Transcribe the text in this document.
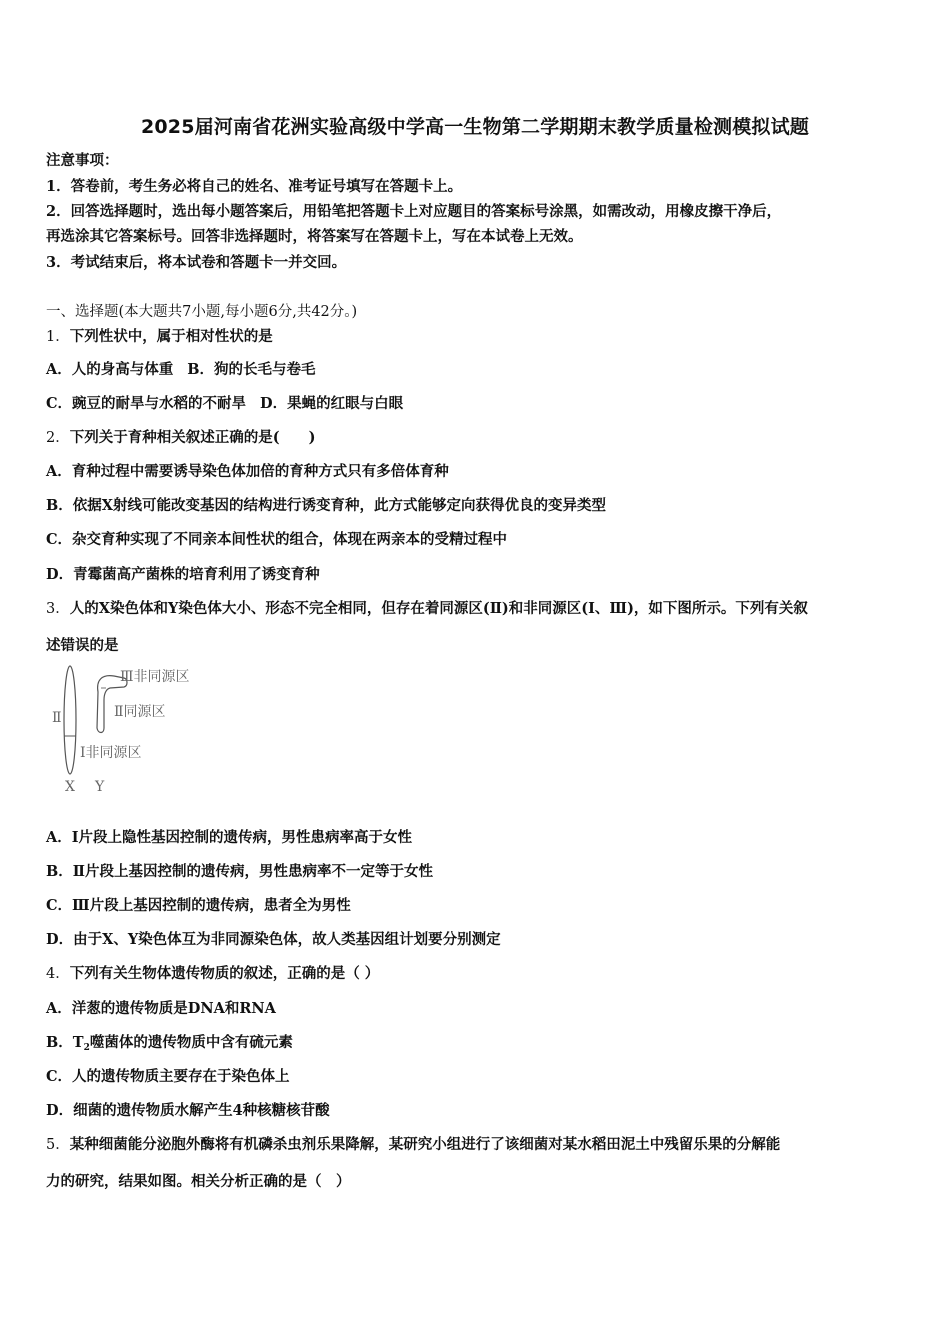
2025届河南省花洲实验高级中学高一生物第二学期期末教学质量检测模拟试题
注意事项：
1．答卷前，考生务必将自己的姓名、准考证号填写在答题卡上。
2．回答选择题时，选出每小题答案后，用铅笔把答题卡上对应题目的答案标号涂黑，如需改动，用橡皮擦干净后，
再选涂其它答案标号。回答非选择题时，将答案写在答题卡上，写在本试卷上无效。
3．考试结束后，将本试卷和答题卡一并交回。
一、选择题(本大题共7小题,每小题6分,共42分。)
1．下列性状中，属于相对性状的是
A．人的身高与体重 B．狗的长毛与卷毛
C．豌豆的耐旱与水稻的不耐旱 D．果蝇的红眼与白眼
2．下列关于育种相关叙述正确的是(　　)
A．育种过程中需要诱导染色体加倍的育种方式只有多倍体育种
B．依据X射线可能改变基因的结构进行诱变育种，此方式能够定向获得优良的变异类型
C．杂交育种实现了不同亲本间性状的组合，体现在两亲本的受精过程中
D．青霉菌高产菌株的培育利用了诱变育种
3．人的X染色体和Y染色体大小、形态不完全相同，但存在着同源区(Ⅱ)和非同源区(Ⅰ、Ⅲ)，如下图所示。下列有关叙
述错误的是
Ⅲ非同源区
Ⅱ同源区
Ⅰ非同源区
Ⅱ
X Y
A．Ⅰ片段上隐性基因控制的遗传病，男性患病率高于女性
B．Ⅱ片段上基因控制的遗传病，男性患病率不一定等于女性
C．Ⅲ片段上基因控制的遗传病，患者全为男性
D．由于X、Y染色体互为非同源染色体，故人类基因组计划要分别测定
4．下列有关生物体遗传物质的叙述，正确的是（ ）
A．洋葱的遗传物质是DNA和RNA
B．$T_2$噬菌体的遗传物质中含有硫元素
C．人的遗传物质主要存在于染色体上
D．细菌的遗传物质水解产生4种核糖核苷酸
5．某种细菌能分泌胞外酶将有机磷杀虫剂乐果降解，某研究小组进行了该细菌对某水稻田泥土中残留乐果的分解能
力的研究，结果如图。相关分析正确的是（　）
